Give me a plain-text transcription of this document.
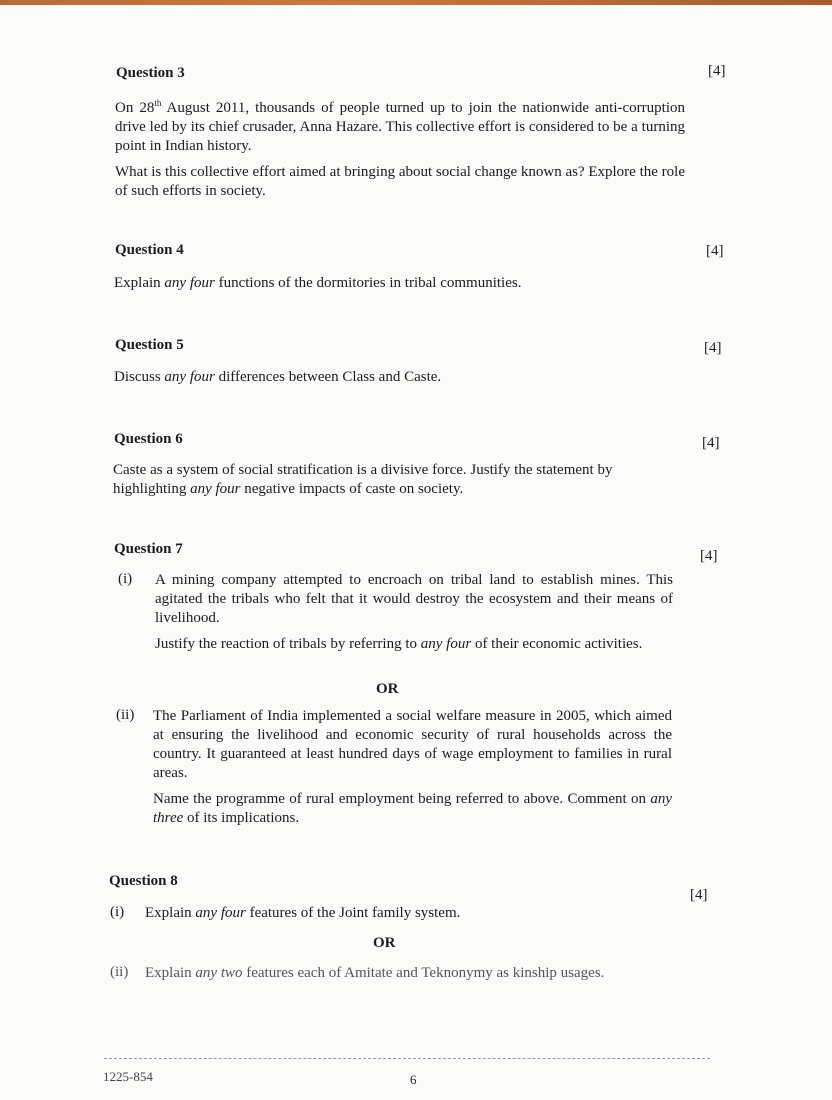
Question 3	[4]

On 28th August 2011, thousands of people turned up to join the nationwide anti-corruption drive led by its chief crusader, Anna Hazare. This collective effort is considered to be a turning point in Indian history.

What is this collective effort aimed at bringing about social change known as? Explore the role of such efforts in society.

Question 4	[4]
Explain any four functions of the dormitories in tribal communities.
Question 5	[4]
Discuss any four differences between Class and Caste.
Question 6	[4]
Caste as a system of social stratification is a divisive force. Justify the statement by highlighting any four negative impacts of caste on society.
Question 7	[4]
(i) A mining company attempted to encroach on tribal land to establish mines. This agitated the tribals who felt that it would destroy the ecosystem and their means of livelihood.

Justify the reaction of tribals by referring to any four of their economic activities.

OR
(ii) The Parliament of India implemented a social welfare measure in 2005, which aimed at ensuring the livelihood and economic security of rural households across the country. It guaranteed at least hundred days of wage employment to families in rural areas.

Name the programme of rural employment being referred to above. Comment on any three of its implications.

Question 8
[4]
(i) Explain any four features of the Joint family system.
OR
(ii) Explain any two features each of Amitate and Teknonymy as kinship usages.
1225-854	6
